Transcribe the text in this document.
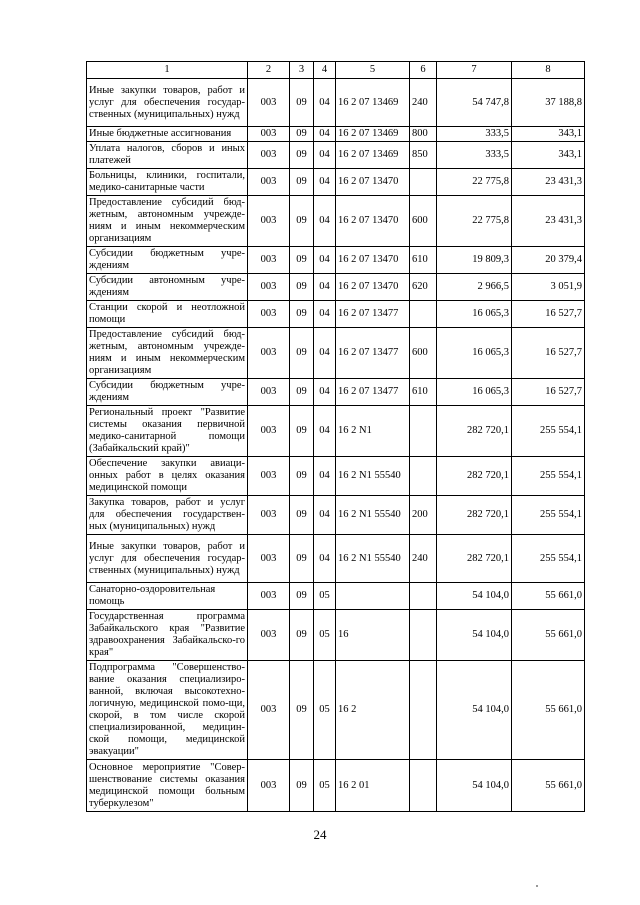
1	2	3	4	5	6	7	8
Иные закупки товаров, работ и услуг для обеспечения государ-ственных (муниципальных) нужд	003	09	04	16 2 07 13469	240	54 747,8	37 188,8
Иные бюджетные ассигнования	003	09	04	16 2 07 13469	800	333,5	343,1
Уплата налогов, сборов и иных платежей	003	09	04	16 2 07 13469	850	333,5	343,1
Больницы, клиники, госпитали, медико-санитарные части	003	09	04	16 2 07 13470		22 775,8	23 431,3
Предоставление субсидий бюд-жетным, автономным учрежде-ниям и иным некоммерческим организациям	003	09	04	16 2 07 13470	600	22 775,8	23 431,3
Субсидии бюджетным учре-ждениям	003	09	04	16 2 07 13470	610	19 809,3	20 379,4
Субсидии автономным учре-ждениям	003	09	04	16 2 07 13470	620	2 966,5	3 051,9
Станции скорой и неотложной помощи	003	09	04	16 2 07 13477		16 065,3	16 527,7
Предоставление субсидий бюд-жетным, автономным учрежде-ниям и иным некоммерческим организациям	003	09	04	16 2 07 13477	600	16 065,3	16 527,7
Субсидии бюджетным учре-ждениям	003	09	04	16 2 07 13477	610	16 065,3	16 527,7
Региональный проект "Развитие системы оказания первичной медико-санитарной помощи (Забайкальский край)"	003	09	04	16 2 N1		282 720,1	255 554,1
Обеспечение закупки авиаци-онных работ в целях оказания медицинской помощи	003	09	04	16 2 N1 55540		282 720,1	255 554,1
Закупка товаров, работ и услуг для обеспечения государствен-ных (муниципальных) нужд	003	09	04	16 2 N1 55540	200	282 720,1	255 554,1
Иные закупки товаров, работ и услуг для обеспечения государ-ственных (муниципальных) нужд	003	09	04	16 2 N1 55540	240	282 720,1	255 554,1
Санаторно-оздоровительная помощь	003	09	05			54 104,0	55 661,0
Государственная программа Забайкальского края "Развитие здравоохранения Забайкальско-го края"	003	09	05	16		54 104,0	55 661,0
Подпрограмма "Совершенство-вание оказания специализиро-ванной, включая высокотехно-логичную, медицинской помо-щи, скорой, в том числе скорой специализированной, медицин-ской помощи, медицинской эвакуации"	003	09	05	16 2		54 104,0	55 661,0
Основное мероприятие "Совер-шенствование системы оказания медицинской помощи больным туберкулезом"	003	09	05	16 2 01		54 104,0	55 661,0
24
